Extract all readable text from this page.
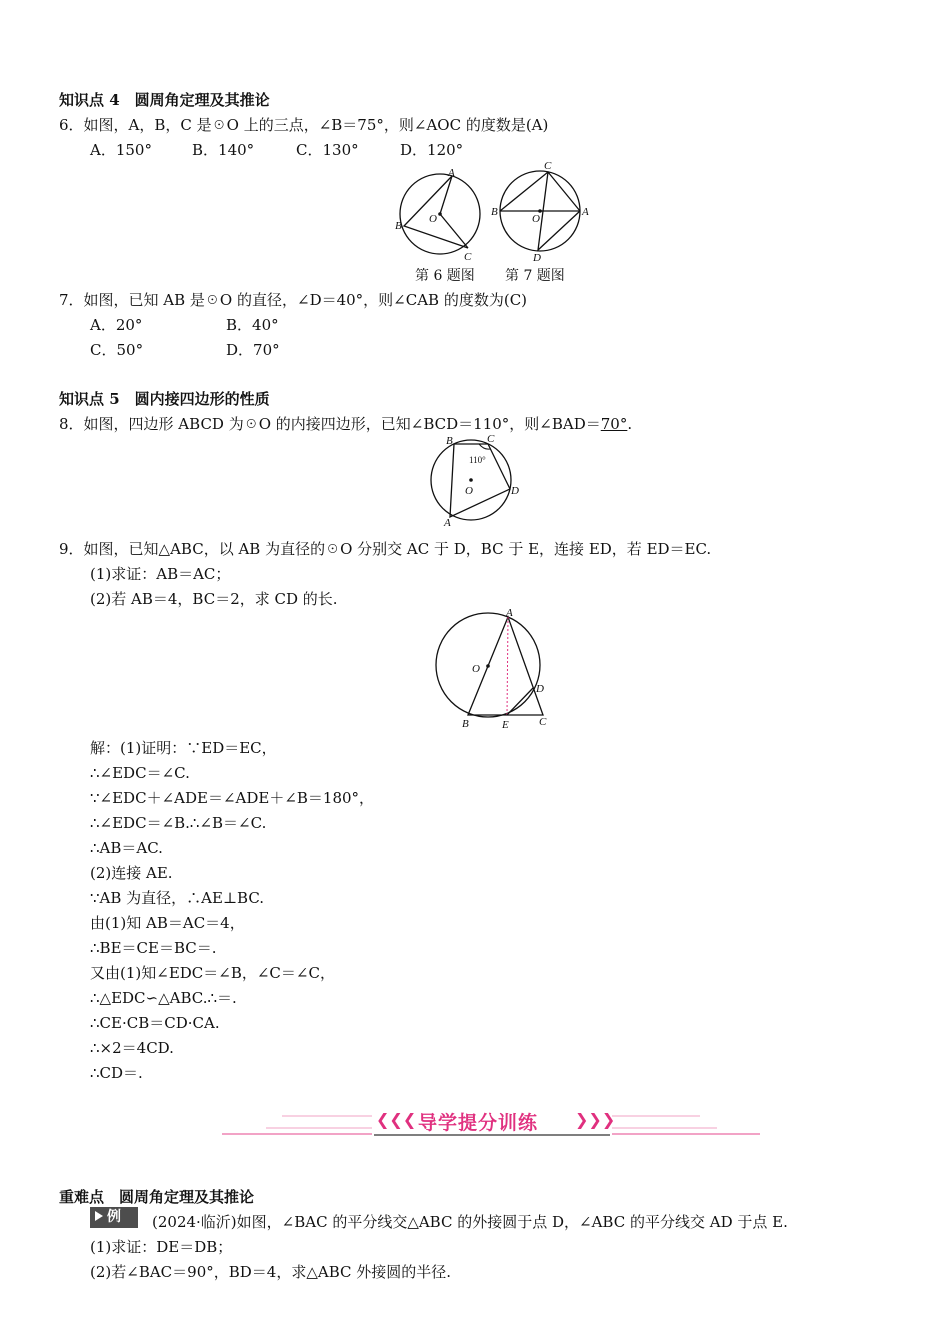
知识点 4　圆周角定理及其推论
6．如图，A，B，C 是☉O 上的三点，∠B＝75°，则∠AOC 的度数是(A)
A．150°	B．140°	C．130°	D．120°
A
B
C
O
C
B	A
D
O
第 6 题图 第 7 题图
7．如图，已知 AB 是☉O 的直径，∠D＝40°，则∠CAB 的度数为(C)
A．20°	B．40°
C．50°	D．70°
知识点 5　圆内接四边形的性质
8．如图，四边形 ABCD 为☉O 的内接四边形，已知∠BCD＝110°，则∠BAD＝70°.
B	C
D
A
O
110°
9．如图，已知△ABC，以 AB 为直径的☉O 分别交 AC 于 D，BC 于 E，连接 ED，若 ED＝EC.
(1)求证：AB＝AC；
(2)若 AB＝4，BC＝2，求 CD 的长.
A
B	C
D
E
O
解：(1)证明：∵ED＝EC，
∴∠EDC＝∠C.
∵∠EDC＋∠ADE＝∠ADE＋∠B＝180°，
∴∠EDC＝∠B.∴∠B＝∠C.
∴AB＝AC.
(2)连接 AE.
∵AB 为直径，∴AE⊥BC.
由(1)知 AB＝AC＝4，
∴BE＝CE＝BC＝.
又由(1)知∠EDC＝∠B，∠C＝∠C，
∴△EDC∽△ABC.∴＝.
∴CE·CB＝CD·CA.
∴×2＝4CD.
∴CD＝.
❮❮❮ 导学提分训练 ❯❯❯
重难点　圆周角定理及其推论
例	(2024·临沂)如图，∠BAC 的平分线交△ABC 的外接圆于点 D，∠ABC 的平分线交 AD 于点 E.
(1)求证：DE＝DB；
(2)若∠BAC＝90°，BD＝4，求△ABC 外接圆的半径.
